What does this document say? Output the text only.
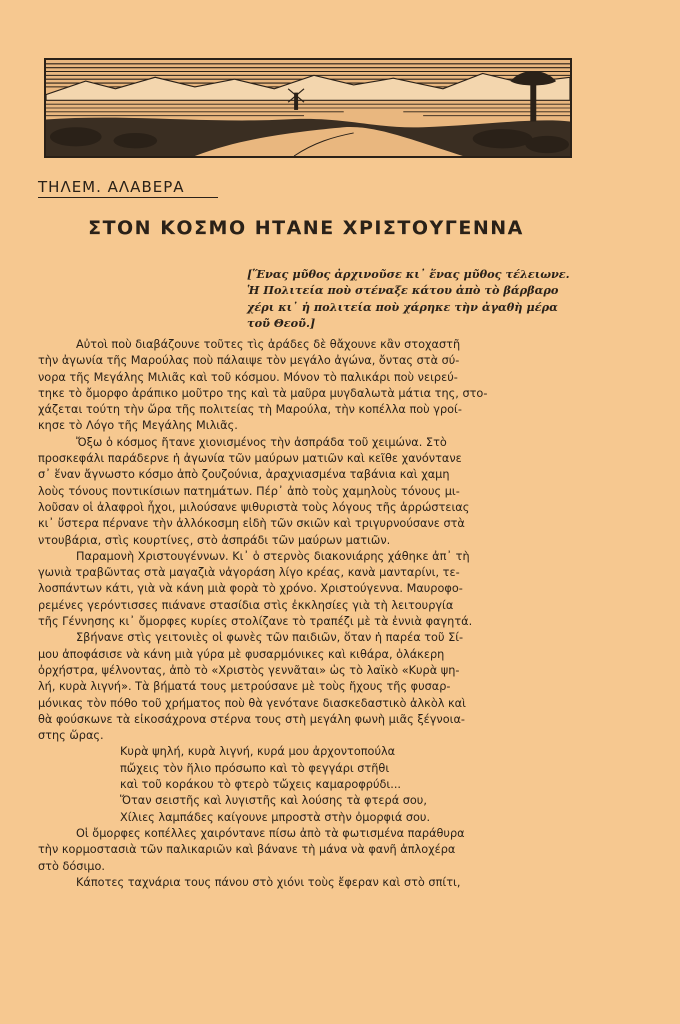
ΤΗΛΕΜ. ΑΛΑΒΕΡΑ
ΣΤΟΝ ΚΟΣΜΟ ΗΤΑΝΕ ΧΡΙΣΤΟΥΓΕΝΝΑ
[Ἕνας μῦθος ἀρχινοῦσε κι᾿ ἕνας μῦθος τέλειωνε.
Ἡ Πολιτεία ποὺ στέναξε κάτου ἀπὸ τὸ βάρβαρο
χέρι κι᾿ ἡ πολιτεία ποὺ χάρηκε τὴν ἀγαθὴ μέρα
τοῦ Θεοῦ.]
Αὐτοὶ ποὺ διαβάζουνε τοῦτες τὶς ἀράδες δὲ θἄχουνε κἂν στοχαστῆ
τὴν ἀγωνία τῆς Μαρούλας ποὺ πάλαιψε τὸν μεγάλο ἀγώνα, ὄντας στὰ σύ-
νορα τῆς Μεγάλης Μιλιᾶς καὶ τοῦ κόσμου. Μόνον τὸ παλικάρι ποὺ νειρεύ-
τηκε τὸ ὄμορφο ἀράπικο μοῦτρο της καὶ τὰ μαῦρα μυγδαλωτὰ μάτια της, στο-
χάζεται τούτη τὴν ὥρα τῆς πολιτείας τὴ Μαρούλα, τὴν κοπέλλα ποὺ γροί-
κησε τὸ Λόγο τῆς Μεγάλης Μιλιᾶς.
Ὄξω ὁ κόσμος ἤτανε χιονισμένος τὴν ἀσπράδα τοῦ χειμώνα. Στὸ
προσκεφάλι παράδερνε ἡ ἀγωνία τῶν μαύρων ματιῶν καὶ κεῖθε χανόντανε
σ᾿ ἕναν ἄγνωστο κόσμο ἀπὸ ζουζούνια, ἀραχνιασμένα ταβάνια καὶ χαμη
λοὺς τόνους ποντικίσιων πατημάτων. Πέρ᾿ ἀπὸ τοὺς χαμηλοὺς τόνους μι-
λοῦσαν οἱ ἀλαφροὶ ἦχοι, μιλούσανε ψιθυριστὰ τοὺς λόγους τῆς ἀρρώστειας
κι᾿ ὕστερα πέρνανε τὴν ἀλλόκοσμη εἰδὴ τῶν σκιῶν καὶ τριγυρνούσανε στὰ
ντουβάρια, στὶς κουρτίνες, στὸ ἀσπράδι τῶν μαύρων ματιῶν.
Παραμονὴ Χριστουγέννων. Κι᾿ ὁ στερνὸς διακονιάρης χάθηκε ἀπ᾿ τὴ
γωνιὰ τραβῶντας στὰ μαγαζιὰ νἀγοράση λίγο κρέας, κανὰ μανταρίνι, τε-
λοσπάντων κάτι, γιὰ νὰ κάνη μιὰ φορὰ τὸ χρόνο. Χριστούγεννα. Μαυροφο-
ρεμένες γερόντισσες πιάνανε στασίδια στὶς ἐκκλησίες γιὰ τὴ λειτουργία
τῆς Γέννησης κι᾿ ὄμορφες κυρίες στολίζανε τὸ τραπέζι μὲ τὰ ἐννιὰ φαγητά.
Σβήνανε στὶς γειτονιὲς οἱ φωνὲς τῶν παιδιῶν, ὅταν ἡ παρέα τοῦ Σί-
μου ἀποφάσισε νὰ κάνη μιὰ γύρα μὲ φυσαρμόνικες καὶ κιθάρα, ὁλάκερη
ὀρχήστρα, ψέλνοντας, ἀπὸ τὸ «Χριστὸς γεννᾶται» ὡς τὸ λαϊκὸ «Κυρὰ ψη-
λή, κυρὰ λιγνή». Τὰ βήματά τους μετρούσανε μὲ τοὺς ἤχους τῆς φυσαρ-
μόνικας τὸν πόθο τοῦ χρήματος ποὺ θὰ γενότανε διασκεδαστικὸ ἀλκὸλ καὶ
θὰ φούσκωνε τὰ εἰκοσάχρονα στέρνα τους στὴ μεγάλη φωνὴ μιᾶς ξέγνοια-
στης ὥρας.
Κυρὰ ψηλή, κυρὰ λιγνή, κυρά μου ἀρχοντοπούλα
πὤχεις τὸν ἥλιο πρόσωπο καὶ τὸ φεγγάρι στῆθι
καὶ τοῦ κοράκου τὸ φτερὸ τὤχεις καμαροφρύδι...
Ὅταν σειστῆς καὶ λυγιστῆς καὶ λούσης τὰ φτερά σου,
Χίλιες λαμπάδες καίγουνε μπροστὰ στὴν ὀμορφιά σου.
Οἱ ὄμορφες κοπέλλες χαιρόντανε πίσω ἀπὸ τὰ φωτισμένα παράθυρα
τὴν κορμοστασιὰ τῶν παλικαριῶν καὶ βάνανε τὴ μάνα νὰ φανῆ ἀπλοχέρα
στὸ δόσιμο.
Κάποτες ταχνάρια τους πάνου στὸ χιόνι τοὺς ἔφεραν καὶ στὸ σπίτι,
